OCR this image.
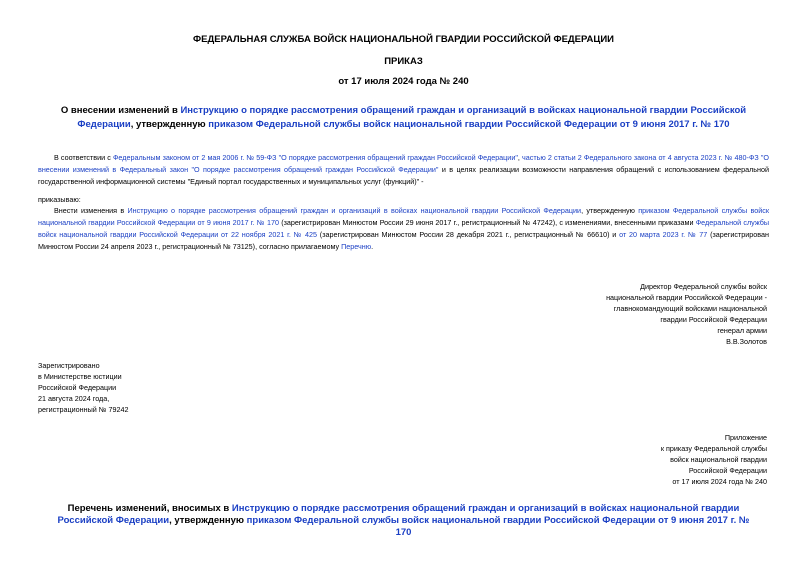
ФЕДЕРАЛЬНАЯ СЛУЖБА ВОЙСК НАЦИОНАЛЬНОЙ ГВАРДИИ РОССИЙСКОЙ ФЕДЕРАЦИИ
ПРИКАЗ
от 17 июля 2024 года № 240
О внесении изменений в Инструкцию о порядке рассмотрения обращений граждан и организаций в войсках национальной гвардии Российской Федерации, утвержденную приказом Федеральной службы войск национальной гвардии Российской Федерации от 9 июня 2017 г. № 170
В соответствии с Федеральным законом от 2 мая 2006 г. № 59-ФЗ "О порядке рассмотрения обращений граждан Российской Федерации", частью 2 статьи 2 Федерального закона от 4 августа 2023 г. № 480-ФЗ "О внесении изменений в Федеральный закон "О порядке рассмотрения обращений граждан Российской Федерации" и в целях реализации возможности направления обращений с использованием федеральной государственной информационной системы "Единый портал государственных и муниципальных услуг (функций)" -
приказываю:
Внести изменения в Инструкцию о порядке рассмотрения обращений граждан и организаций в войсках национальной гвардии Российской Федерации, утвержденную приказом Федеральной службы войск национальной гвардии Российской Федерации от 9 июня 2017 г. № 170 (зарегистрирован Минюстом России 29 июня 2017 г., регистрационный № 47242), с изменениями, внесенными приказами Федеральной службы войск национальной гвардии Российской Федерации от 22 ноября 2021 г. № 425 (зарегистрирован Минюстом России 28 декабря 2021 г., регистрационный № 66610) и от 20 марта 2023 г. № 77 (зарегистрирован Минюстом России 24 апреля 2023 г., регистрационный № 73125), согласно прилагаемому Перечню.
Директор Федеральной службы войск
национальной гвардии Российской Федерации -
главнокомандующий войсками национальной
гвардии Российской Федерации
генерал армии
В.В.Золотов
Зарегистрировано
в Министерстве юстиции
Российской Федерации
21 августа 2024 года,
регистрационный № 79242
Приложение
к приказу Федеральной службы
войск национальной гвардии
Российской Федерации
от 17 июля 2024 года № 240
Перечень изменений, вносимых в Инструкцию о порядке рассмотрения обращений граждан и организаций в войсках национальной гвардии Российской Федерации, утвержденную приказом Федеральной службы войск национальной гвардии Российской Федерации от 9 июня 2017 г. № 170
